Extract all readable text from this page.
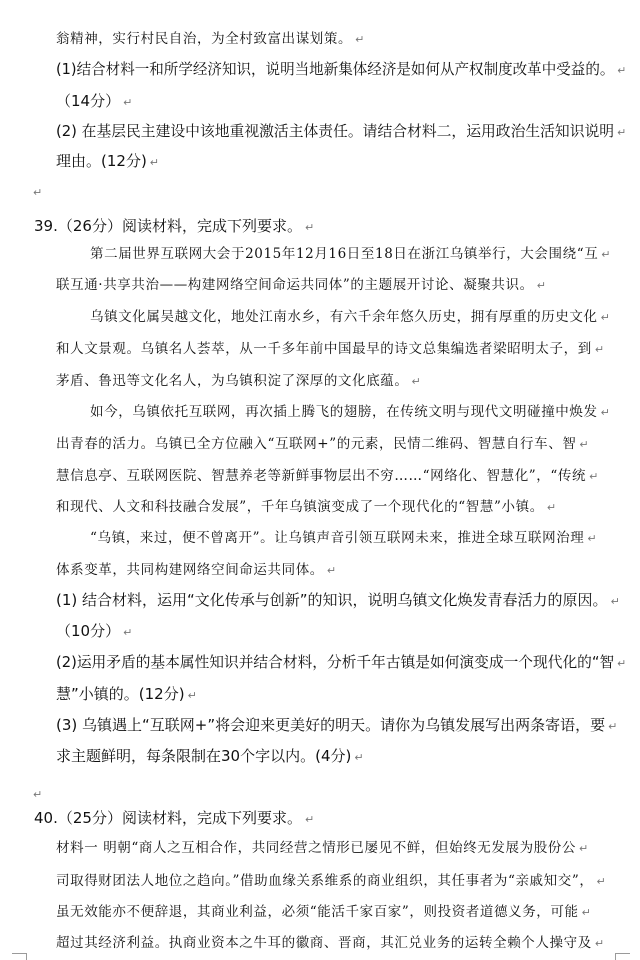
翁精神，实行村民自治，为全村致富出谋划策。 ↵
(1)结合材料一和所学经济知识，说明当地新集体经济是如何从产权制度改革中受益的。 ↵
（14分） ↵
(2) 在基层民主建设中该地重视激活主体责任。请结合材料二，运用政治生活知识说明 ↵
理由。(12分) ↵
39.（26分）阅读材料，完成下列要求。 ↵
第二届世界互联网大会于2015年12月16日至18日在浙江乌镇举行，大会围绕“互 ↵
联互通·共享共治——构建网络空间命运共同体”的主题展开讨论、凝聚共识。 ↵
乌镇文化属吴越文化，地处江南水乡，有六千余年悠久历史，拥有厚重的历史文化 ↵
和人文景观。乌镇名人荟萃，从一千多年前中国最早的诗文总集编选者梁昭明太子，到 ↵
茅盾、鲁迅等文化名人，为乌镇积淀了深厚的文化底蕴。 ↵
如今，乌镇依托互联网，再次插上腾飞的翅膀，在传统文明与现代文明碰撞中焕发 ↵
出青春的活力。乌镇已全方位融入“互联网+”的元素，民情二维码、智慧自行车、智 ↵
慧信息亭、互联网医院、智慧养老等新鲜事物层出不穷……“网络化、智慧化”，“传统 ↵
和现代、人文和科技融合发展”，千年乌镇演变成了一个现代化的“智慧”小镇。 ↵
“乌镇，来过，便不曾离开”。让乌镇声音引领互联网未来，推进全球互联网治理 ↵
体系变革，共同构建网络空间命运共同体。 ↵
(1) 结合材料，运用“文化传承与创新”的知识，说明乌镇文化焕发青春活力的原因。 ↵
（10分） ↵
(2)运用矛盾的基本属性知识并结合材料，分析千年古镇是如何演变成一个现代化的“智 ↵
慧”小镇的。(12分) ↵
(3) 乌镇遇上“互联网+”将会迎来更美好的明天。请你为乌镇发展写出两条寄语，要 ↵
求主题鲜明，每条限制在30个字以内。(4分) ↵
40.（25分）阅读材料，完成下列要求。 ↵
材料一 明朝“商人之互相合作，共同经营之情形已屡见不鲜，但始终无发展为股份公 ↵
司取得财团法人地位之趋向。”借助血缘关系维系的商业组织，其任事者为“亲戚知交”， ↵
虽无效能亦不便辞退，其商业利益，必须“能活千家百家”，则投资者道德义务，可能 ↵
超过其经济利益。执商业资本之牛耳的徽商、晋商，其汇兑业务的运转全赖个人操守及 ↵
↵
↵
